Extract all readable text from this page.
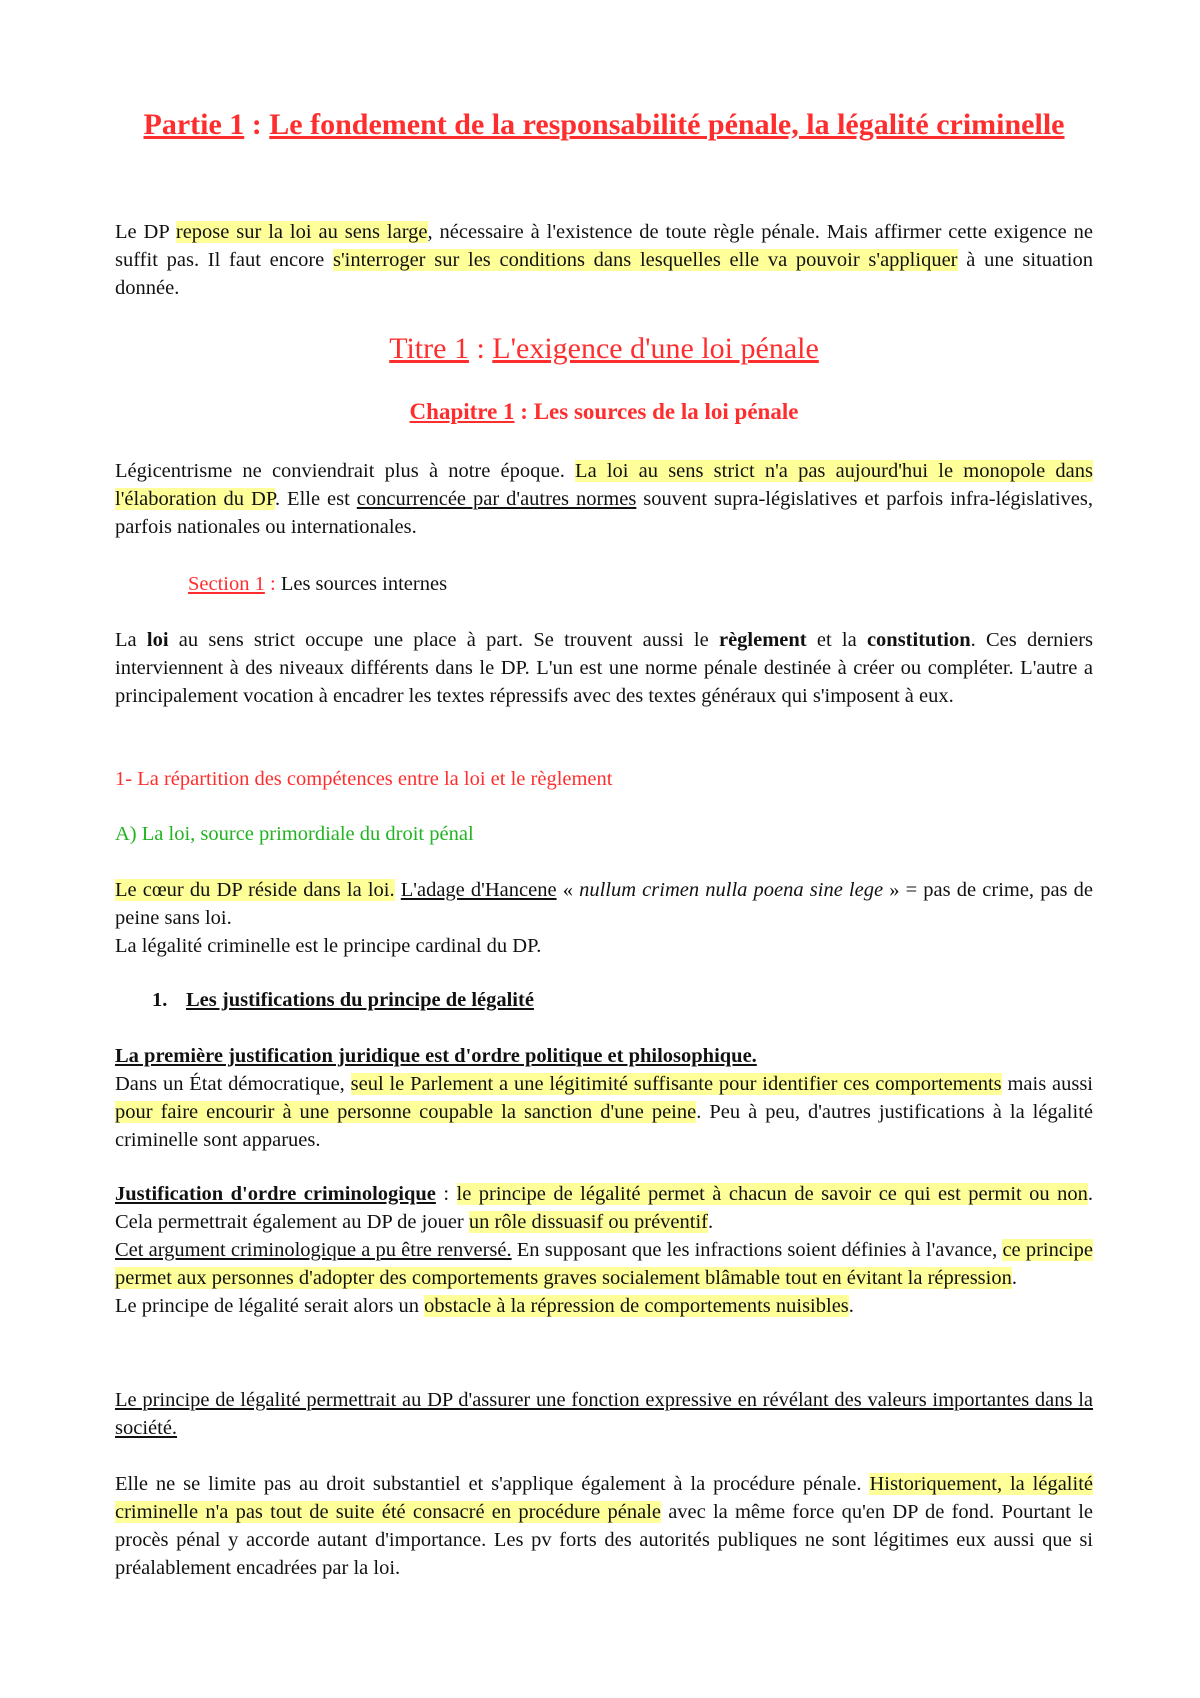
Partie 1 : Le fondement de la responsabilité pénale, la légalité criminelle
Le DP repose sur la loi au sens large, nécessaire à l'existence de toute règle pénale. Mais affirmer cette exigence ne suffit pas. Il faut encore s'interroger sur les conditions dans lesquelles elle va pouvoir s'appliquer à une situation donnée.
Titre 1 : L'exigence d'une loi pénale
Chapitre 1 : Les sources de la loi pénale
Légicentrisme ne conviendrait plus à notre époque. La loi au sens strict n'a pas aujourd'hui le monopole dans l'élaboration du DP. Elle est concurrencée par d'autres normes souvent supra-législatives et parfois infra-législatives, parfois nationales ou internationales.
Section 1 : Les sources internes
La loi au sens strict occupe une place à part. Se trouvent aussi le règlement et la constitution. Ces derniers interviennent à des niveaux différents dans le DP. L'un est une norme pénale destinée à créer ou compléter. L'autre a principalement vocation à encadrer les textes répressifs avec des textes généraux qui s'imposent à eux.
1- La répartition des compétences entre la loi et le règlement
A) La loi, source primordiale du droit pénal
Le cœur du DP réside dans la loi. L'adage d'Hancene « nullum crimen nulla poena sine lege » = pas de crime, pas de peine sans loi.
La légalité criminelle est le principe cardinal du DP.
1. Les justifications du principe de légalité
La première justification juridique est d'ordre politique et philosophique.
Dans un État démocratique, seul le Parlement a une légitimité suffisante pour identifier ces comportements mais aussi pour faire encourir à une personne coupable la sanction d'une peine. Peu à peu, d'autres justifications à la légalité criminelle sont apparues.
Justification d'ordre criminologique : le principe de légalité permet à chacun de savoir ce qui est permit ou non. Cela permettrait également au DP de jouer un rôle dissuasif ou préventif.
Cet argument criminologique a pu être renversé. En supposant que les infractions soient définies à l'avance, ce principe permet aux personnes d'adopter des comportements graves socialement blâmable tout en évitant la répression.
Le principe de légalité serait alors un obstacle à la répression de comportements nuisibles.
Le principe de légalité permettrait au DP d'assurer une fonction expressive en révélant des valeurs importantes dans la société.
Elle ne se limite pas au droit substantiel et s'applique également à la procédure pénale. Historiquement, la légalité criminelle n'a pas tout de suite été consacré en procédure pénale avec la même force qu'en DP de fond. Pourtant le procès pénal y accorde autant d'importance. Les pv forts des autorités publiques ne sont légitimes eux aussi que si préalablement encadrées par la loi.
